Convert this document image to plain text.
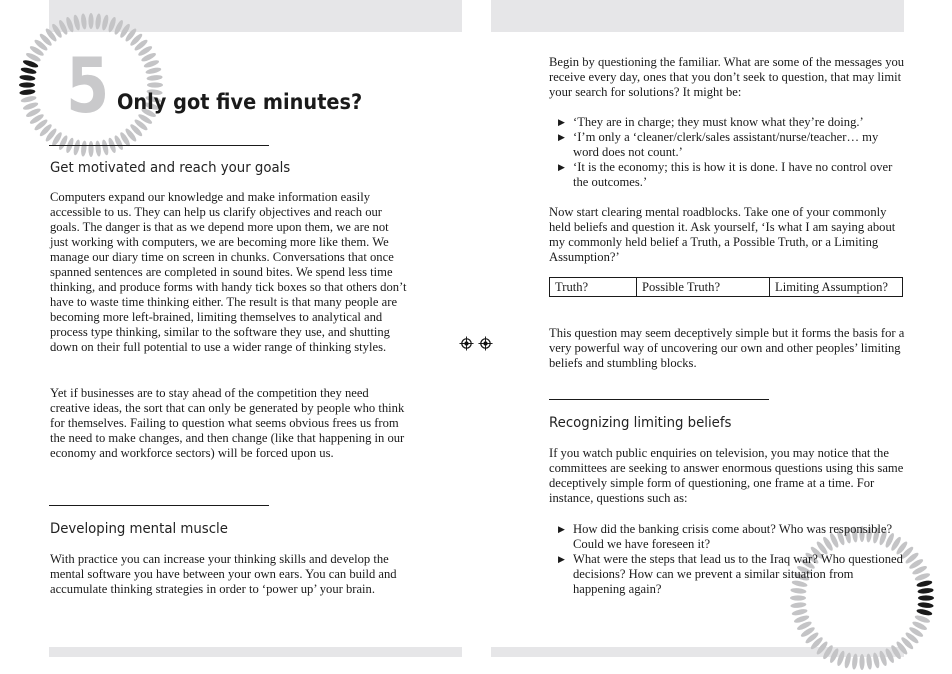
5 Only got five minutes?
Get motivated and reach your goals

Computers expand our knowledge and make information easily accessible to us. They can help us clarify objectives and reach our goals. The danger is that as we depend more upon them, we are not just working with computers, we are becoming more like them. We manage our diary time on screen in chunks. Conversations that once spanned sentences are completed in sound bites. We spend less time thinking, and produce forms with handy tick boxes so that others don’t have to waste time thinking either. The result is that many people are becoming more left-brained, limiting themselves to analytical and process type thinking, similar to the software they use, and shutting down on their full potential to use a wider range of thinking styles.

Yet if businesses are to stay ahead of the competition they need creative ideas, the sort that can only be generated by people who think for themselves. Failing to question what seems obvious frees us from the need to make changes, and then change (like that happening in our economy and workforce sectors) will be forced upon us.

Developing mental muscle

With practice you can increase your thinking skills and develop the mental software you have between your own ears. You can build and accumulate thinking strategies in order to ‘power up’ your brain.

Begin by questioning the familiar. What are some of the messages you receive every day, ones that you don’t seek to question, that may limit your search for solutions? It might be:

▶ ‘They are in charge; they must know what they’re doing.’
▶ ‘I’m only a ‘cleaner/clerk/sales assistant/nurse/teacher… my word does not count.’
▶ ‘It is the economy; this is how it is done. I have no control over the outcomes.’

Now start clearing mental roadblocks. Take one of your commonly held beliefs and question it. Ask yourself, ‘Is what I am saying about my commonly held belief a Truth, a Possible Truth, or a Limiting Assumption?’

Truth?	Possible Truth?	Limiting Assumption?

This question may seem deceptively simple but it forms the basis for a very powerful way of uncovering our own and other peoples’ limiting beliefs and stumbling blocks.

Recognizing limiting beliefs

If you watch public enquiries on television, you may notice that the committees are seeking to answer enormous questions using this same deceptively simple form of questioning, one frame at a time. For instance, questions such as:

▶ How did the banking crisis come about? Who was responsible? Could we have foreseen it?
▶ What were the steps that lead us to the Iraq war? Who questioned decisions? How can we prevent a similar situation from happening again?
